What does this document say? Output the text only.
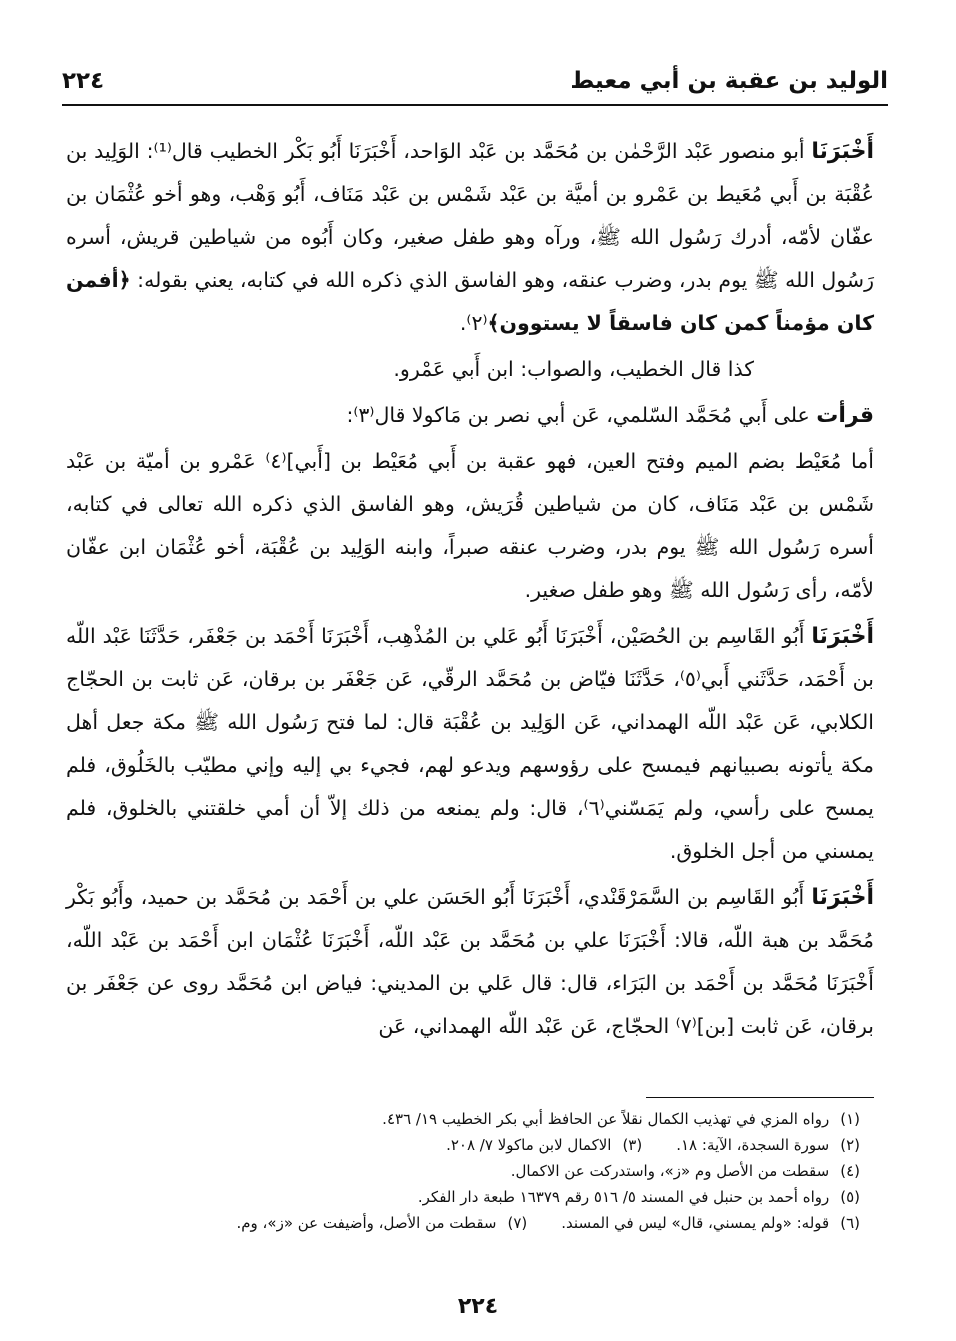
الوليد بن عقبة بن أبي معيط
٢٢٤

أَخْبَرَنَا أبو منصور عَبْد الرَّحْمٰن بن مُحَمَّد بن عَبْد الوَاحد، أَخْبَرَنَا أَبُو بَكْر الخطيب قال⁽¹⁾: الوَلِيد بن عُقْبَة بن أَبي مُعَيط بن عَمْرو بن أميَّة بن عَبْد شَمْس بن عَبْد مَنَاف، أَبُو وَهْب، وهو أخو عُثْمَان بن عفّان لأمّه، أدرك رَسُول الله ﷺ، ورآه وهو طفل صغير، وكان أَبُوه من شياطين قريش، أسره رَسُول الله ﷺ يوم بدر، وضرب عنقه، وهو الفاسق الذي ذكره الله في كتابه، يعني بقوله: ﴿أفمن كان مؤمناً كمن كان فاسقاً لا يستوون﴾⁽٢⁾.

كذا قال الخطيب، والصواب: ابن أَبي عَمْرو.

قرأت على أَبي مُحَمَّد السّلمي، عَن أبي نصر بن مَاكولا قال⁽٣⁾:

أما مُعَيْط بضم الميم وفتح العين، فهو عقبة بن أَبي مُعَيْط بن [أَبي]⁽٤⁾ عَمْرو بن أميّة بن عَبْد شَمْس بن عَبْد مَنَاف، كان من شياطين قُرَيش، وهو الفاسق الذي ذكره الله تعالى في كتابه، أسره رَسُول الله ﷺ يوم بدر، وضرب عنقه صبراً، وابنه الوَلِيد بن عُقْبَة، أخو عُثْمَان ابن عفّان لأمّه، رأى رَسُول الله ﷺ وهو طفل صغير.

أَخْبَرَنَا أَبُو القَاسِم بن الحُصَيْن، أَخْبَرَنَا أَبُو عَلي بن المُذْهِب، أَخْبَرَنَا أَحْمَد بن جَعْفَر، حَدَّثَنَا عَبْد اللّه بن أَحْمَد، حَدَّثَني أَبي⁽٥⁾، حَدَّثَنَا فيّاض بن مُحَمَّد الرقّي، عَن جَعْفَر بن برقان، عَن ثابت بن الحجّاج الكلابي، عَن عَبْد اللّه الهمداني، عَن الوَلِيد بن عُقْبَة قال: لما فتح رَسُول الله ﷺ مكة جعل أهل مكة يأتونه بصبيانهم فيمسح على رؤوسهم ويدعو لهم، فجيء بي إليه وإني مطيّب بالخَلُوق، فلم يمسح على رأسي، ولم يَمَسّني⁽٦⁾، قال: ولم يمنعه من ذلك إلاّ أن أمي خلقتني بالخلوق، فلم يمسني من أجل الخلوق.

أَخْبَرَنَا أَبُو القَاسِم بن السَّمَرْقَنْدي، أَخْبَرَنَا أَبُو الحَسَن علي بن أَحْمَد بن مُحَمَّد بن حميد، وأَبُو بَكْر مُحَمَّد بن هبة اللّه، قالا: أَخْبَرَنَا علي بن مُحَمَّد بن عَبْد اللّه، أَخْبَرَنَا عُثْمَان ابن أَحْمَد بن عَبْد اللّه، أَخْبَرَنَا مُحَمَّد بن أَحْمَد بن البَرَاء، قال: قال عَلي بن المديني: فياض ابن مُحَمَّد روى عن جَعْفَر بن برقان، عَن ثابت [بن]⁽٧⁾ الحجّاج، عَن عَبْد اللّه الهمداني، عَن

(١) رواه المزي في تهذيب الكمال نقلاً عن الحافظ أبي بكر الخطيب ١٩/ ٤٣٦.

(٢) سورة السجدة، الآية: ١٨.(٣) الاكمال لابن ماكولا ٧/ ٢٠٨.

(٤) سقطت من الأصل وم «ز»، واستدركت عن الاكمال.

(٥) رواه أحمد بن حنبل في المسند ٥/ ٥١٦ رقم ١٦٣٧٩ طبعة دار الفكر.

(٦) قوله: «ولم يمسني، قال» ليس في المسند.(٧) سقطت من الأصل، وأضيفت عن «ز»، وم.

٢٢٤
